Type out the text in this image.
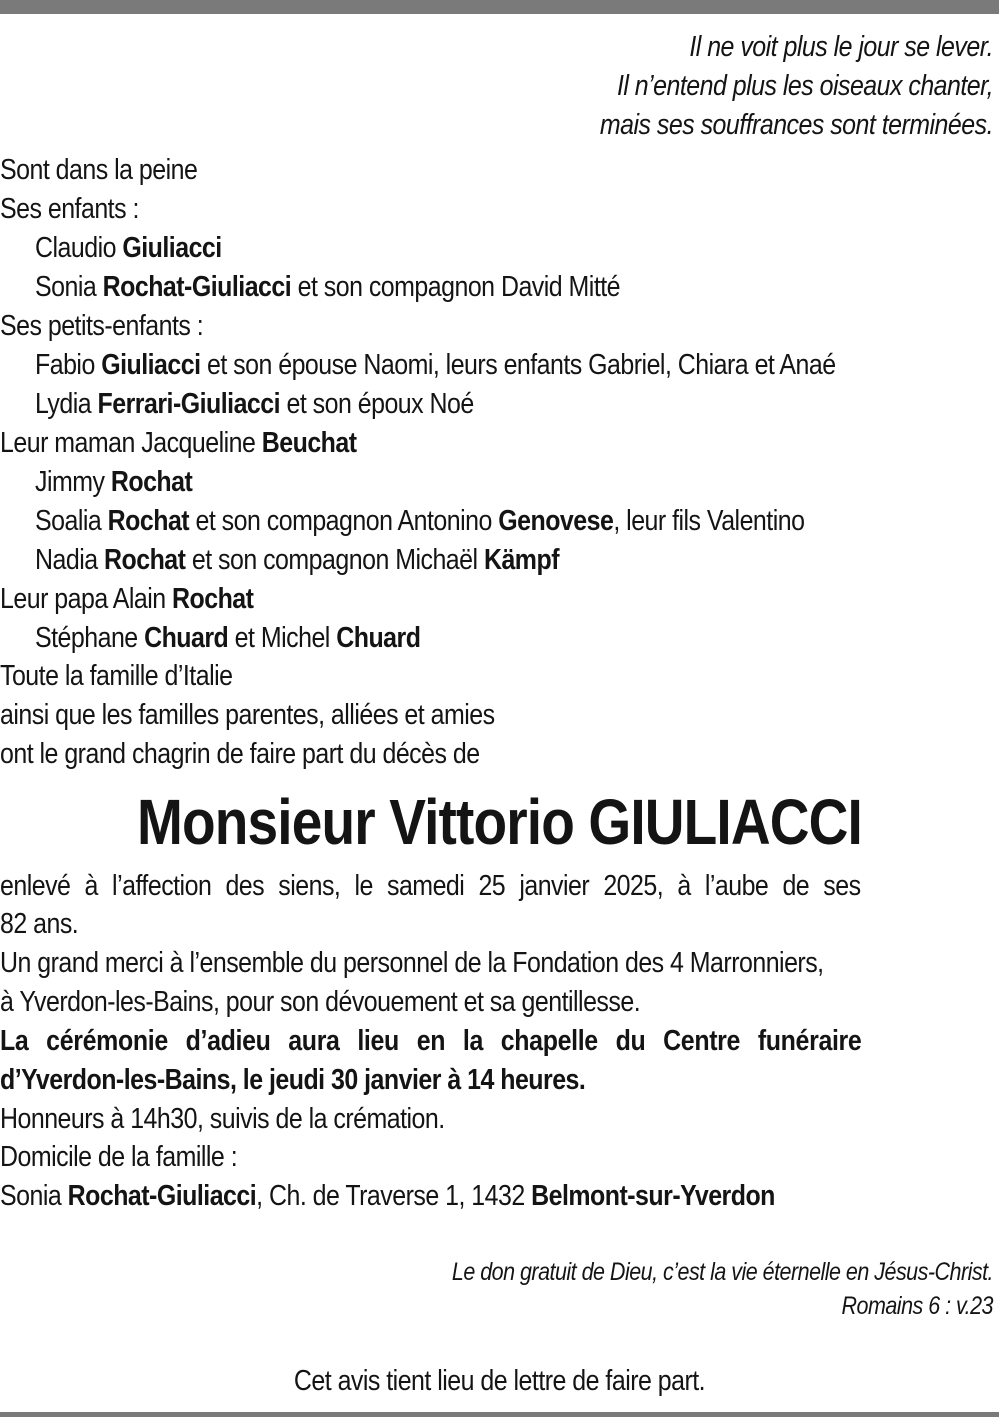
Il ne voit plus le jour se lever.
Il n’entend plus les oiseaux chanter,
mais ses souffrances sont terminées.
Sont dans la peine
Ses enfants :
Claudio Giuliacci
Sonia Rochat-Giuliacci et son compagnon David Mitté
Ses petits-enfants :
Fabio Giuliacci et son épouse Naomi, leurs enfants Gabriel, Chiara et Anaé
Lydia Ferrari-Giuliacci et son époux Noé
Leur maman Jacqueline Beuchat
Jimmy Rochat
Soalia Rochat et son compagnon Antonino Genovese, leur fils Valentino
Nadia Rochat et son compagnon Michaël Kämpf
Leur papa Alain Rochat
Stéphane Chuard et Michel Chuard
Toute la famille d’Italie
ainsi que les familles parentes, alliées et amies
ont le grand chagrin de faire part du décès de
Monsieur Vittorio GIULIACCI
enlevé à l’affection des siens, le samedi 25 janvier 2025, à l’aube de ses
82 ans.
Un grand merci à l’ensemble du personnel de la Fondation des 4 Marronniers,
à Yverdon-les-Bains, pour son dévouement et sa gentillesse.
La cérémonie d’adieu aura lieu en la chapelle du Centre funéraire
d’Yverdon-les-Bains, le jeudi 30 janvier à 14 heures.
Honneurs à 14h30, suivis de la crémation.
Domicile de la famille :
Sonia Rochat-Giuliacci, Ch. de Traverse 1, 1432 Belmont-sur-Yverdon
Le don gratuit de Dieu, c’est la vie éternelle en Jésus-Christ.
Romains 6 : v.23
Cet avis tient lieu de lettre de faire part.
